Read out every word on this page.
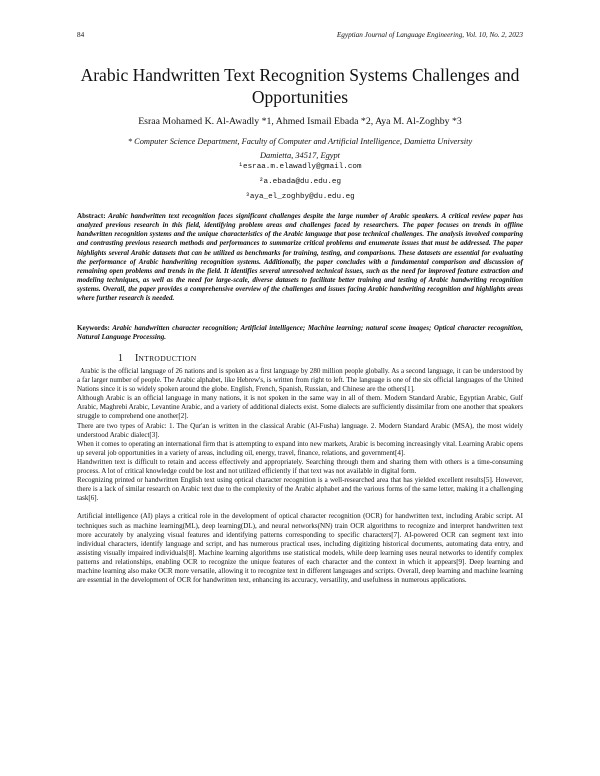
84	Egyptian Journal of Language Engineering, Vol. 10, No. 2, 2023
Arabic Handwritten Text Recognition Systems Challenges and Opportunities
Esraa Mohamed K. Al-Awadly *1, Ahmed Ismail Ebada *2, Aya M. Al-Zoghby *3
* Computer Science Department, Faculty of Computer and Artificial Intelligence, Damietta University
Damietta, 34517, Egypt
¹esraa.m.elawadly@gmail.com
²a.ebada@du.edu.eg
³aya_el_zoghby@du.edu.eg
Abstract: Arabic handwritten text recognition faces significant challenges despite the large number of Arabic speakers. A critical review paper has analyzed previous research in this field, identifying problem areas and challenges faced by researchers. The paper focuses on trends in offline handwritten recognition systems and the unique characteristics of the Arabic language that pose technical challenges. The analysis involved comparing and contrasting previous research methods and performances to summarize critical problems and enumerate issues that must be addressed. The paper highlights several Arabic datasets that can be utilized as benchmarks for training, testing, and comparisons. These datasets are essential for evaluating the performance of Arabic handwriting recognition systems. Additionally, the paper concludes with a fundamental comparison and discussion of remaining open problems and trends in the field. It identifies several unresolved technical issues, such as the need for improved feature extraction and modeling techniques, as well as the need for large-scale, diverse datasets to facilitate better training and testing of Arabic handwriting recognition systems. Overall, the paper provides a comprehensive overview of the challenges and issues facing Arabic handwriting recognition and highlights areas where further research is needed.
Keywords: Arabic handwritten character recognition; Artificial intelligence; Machine learning; natural scene images; Optical character recognition, Natural Language Processing.
1 INTRODUCTION

Arabic is the official language of 26 nations and is spoken as a first language by 280 million people globally. As a second language, it can be understood by a far larger number of people. The Arabic alphabet, like Hebrew's, is written from right to left. The language is one of the six official languages of the United Nations since it is so widely spoken around the globe. English, French, Spanish, Russian, and Chinese are the others[1].

Although Arabic is an official language in many nations, it is not spoken in the same way in all of them. Modern Standard Arabic, Egyptian Arabic, Gulf Arabic, Maghrebi Arabic, Levantine Arabic, and a variety of additional dialects exist. Some dialects are sufficiently dissimilar from one another that speakers struggle to comprehend one another[2].

There are two types of Arabic: 1. The Qur'an is written in the classical Arabic (Al-Fusha) language. 2. Modern Standard Arabic (MSA), the most widely understood Arabic dialect[3].

When it comes to operating an international firm that is attempting to expand into new markets, Arabic is becoming increasingly vital. Learning Arabic opens up several job opportunities in a variety of areas, including oil, energy, travel, finance, relations, and government[4].

Handwritten text is difficult to retain and access effectively and appropriately. Searching through them and sharing them with others is a time-consuming process. A lot of critical knowledge could be lost and not utilized efficiently if that text was not available in digital form.

Recognizing printed or handwritten English text using optical character recognition is a well-researched area that has yielded excellent results[5]. However, there is a lack of similar research on Arabic text due to the complexity of the Arabic alphabet and the various forms of the same letter, making it a challenging task[6].

Artificial intelligence (AI) plays a critical role in the development of optical character recognition (OCR) for handwritten text, including Arabic script. AI techniques such as machine learning(ML), deep learning(DL), and neural networks(NN) train OCR algorithms to recognize and interpret handwritten text more accurately by analyzing visual features and identifying patterns corresponding to specific characters[7]. AI-powered OCR can segment text into individual characters, identify language and script, and has numerous practical uses, including digitizing historical documents, automating data entry, and assisting visually impaired individuals[8]. Machine learning algorithms use statistical models, while deep learning uses neural networks to identify complex patterns and relationships, enabling OCR to recognize the unique features of each character and the context in which it appears[9]. Deep learning and machine learning also make OCR more versatile, allowing it to recognize text in different languages and scripts. Overall, deep learning and machine learning are essential in the development of OCR for handwritten text, enhancing its accuracy, versatility, and usefulness in numerous applications.
